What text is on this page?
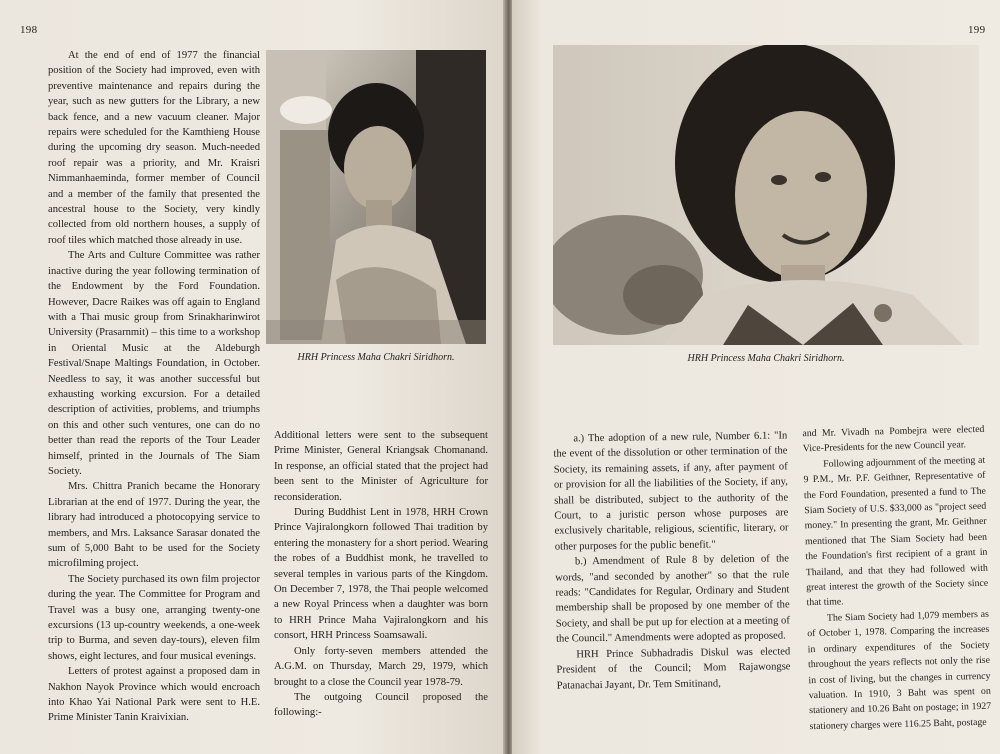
198

At the end of end of 1977 the financial position of the Society had improved, even with preventive maintenance and repairs during the year, such as new gutters for the Library, a new back fence, and a new vacuum cleaner. Major repairs were scheduled for the Kamthieng House during the upcoming dry season. Much-needed roof repair was a priority, and Mr. Kraisri Nimmanhaeminda, former member of Council and a member of the family that presented the ancestral house to the Society, very kindly collected from old northern houses, a supply of roof tiles which matched those already in use.

The Arts and Culture Committee was rather inactive during the year following termination of the Endowment by the Ford Foundation. However, Dacre Raikes was off again to England with a Thai music group from Srinakharinwirot University (Prasarnmit) – this time to a workshop in Oriental Music at the Aldeburgh Festival/Snape Maltings Foundation, in October. Needless to say, it was another successful but exhausting working excursion. For a detailed description of activities, problems, and triumphs on this and other such ventures, one can do no better than read the reports of the Tour Leader himself, printed in the Journals of The Siam Society.

Mrs. Chittra Pranich became the Honorary Librarian at the end of 1977. During the year, the library had introduced a photocopying service to members, and Mrs. Laksance Sarasar donated the sum of 5,000 Baht to be used for the Society microfilming project.

The Society purchased its own film projector during the year. The Committee for Program and Travel was a busy one, arranging twenty-one excursions (13 up-country weekends, a one-week trip to Burma, and seven day-tours), eleven film shows, eight lectures, and four musical evenings.

Letters of protest against a proposed dam in Nakhon Nayok Province which would encroach into Khao Yai National Park were sent to H.E. Prime Minister Tanin Kraivixian.

HRH Princess Maha Chakri Siridhorn.

Additional letters were sent to the subsequent Prime Minister, General Kriangsak Chomanand. In response, an official stated that the project had been sent to the Minister of Agriculture for reconsideration.

During Buddhist Lent in 1978, HRH Crown Prince Vajiralongkorn followed Thai tradition by entering the monastery for a short period. Wearing the robes of a Buddhist monk, he travelled to several temples in various parts of the Kingdom. On December 7, 1978, the Thai people welcomed a new Royal Princess when a daughter was born to HRH Prince Maha Vajiralongkorn and his consort, HRH Princess Soamsawali.

Only forty-seven members attended the A.G.M. on Thursday, March 29, 1979, which brought to a close the Council year 1978-79.

The outgoing Council proposed the following:-

199
HRH Princess Maha Chakri Siridhorn.

a.) The adoption of a new rule, Number 6.1: "In the event of the dissolution or other termination of the Society, its remaining assets, if any, after payment of or provision for all the liabilities of the Society, if any, shall be distributed, subject to the authority of the Court, to a juristic person whose purposes are exclusively charitable, religious, scientific, literary, or other purposes for the public benefit."

b.) Amendment of Rule 8 by deletion of the words, "and seconded by another" so that the rule reads: "Candidates for Regular, Ordinary and Student membership shall be proposed by one member of the Society, and shall be put up for election at a meeting of the Council." Amendments were adopted as proposed.

HRH Prince Subhadradis Diskul was elected President of the Council; Mom Rajawongse Patanachai Jayant, Dr. Tem Smitinand,

and Mr. Vivadh na Pombejra were elected Vice-Presidents for the new Council year.

Following adjournment of the meeting at 9 P.M., Mr. P.F. Geithner, Representative of the Ford Foundation, presented a fund to The Siam Society of U.S. $33,000 as "project seed money." In presenting the grant, Mr. Geithner mentioned that The Siam Society had been the Foundation's first recipient of a grant in Thailand, and that they had followed with great interest the growth of the Society since that time.

The Siam Society had 1,079 members as of October 1, 1978. Comparing the increases in ordinary expenditures of the Society throughout the years reflects not only the rise in cost of living, but the changes in currency valuation. In 1910, 3 Baht was spent on stationery and 10.26 Baht on postage; in 1927 stationery charges were 116.25 Baht, postage
